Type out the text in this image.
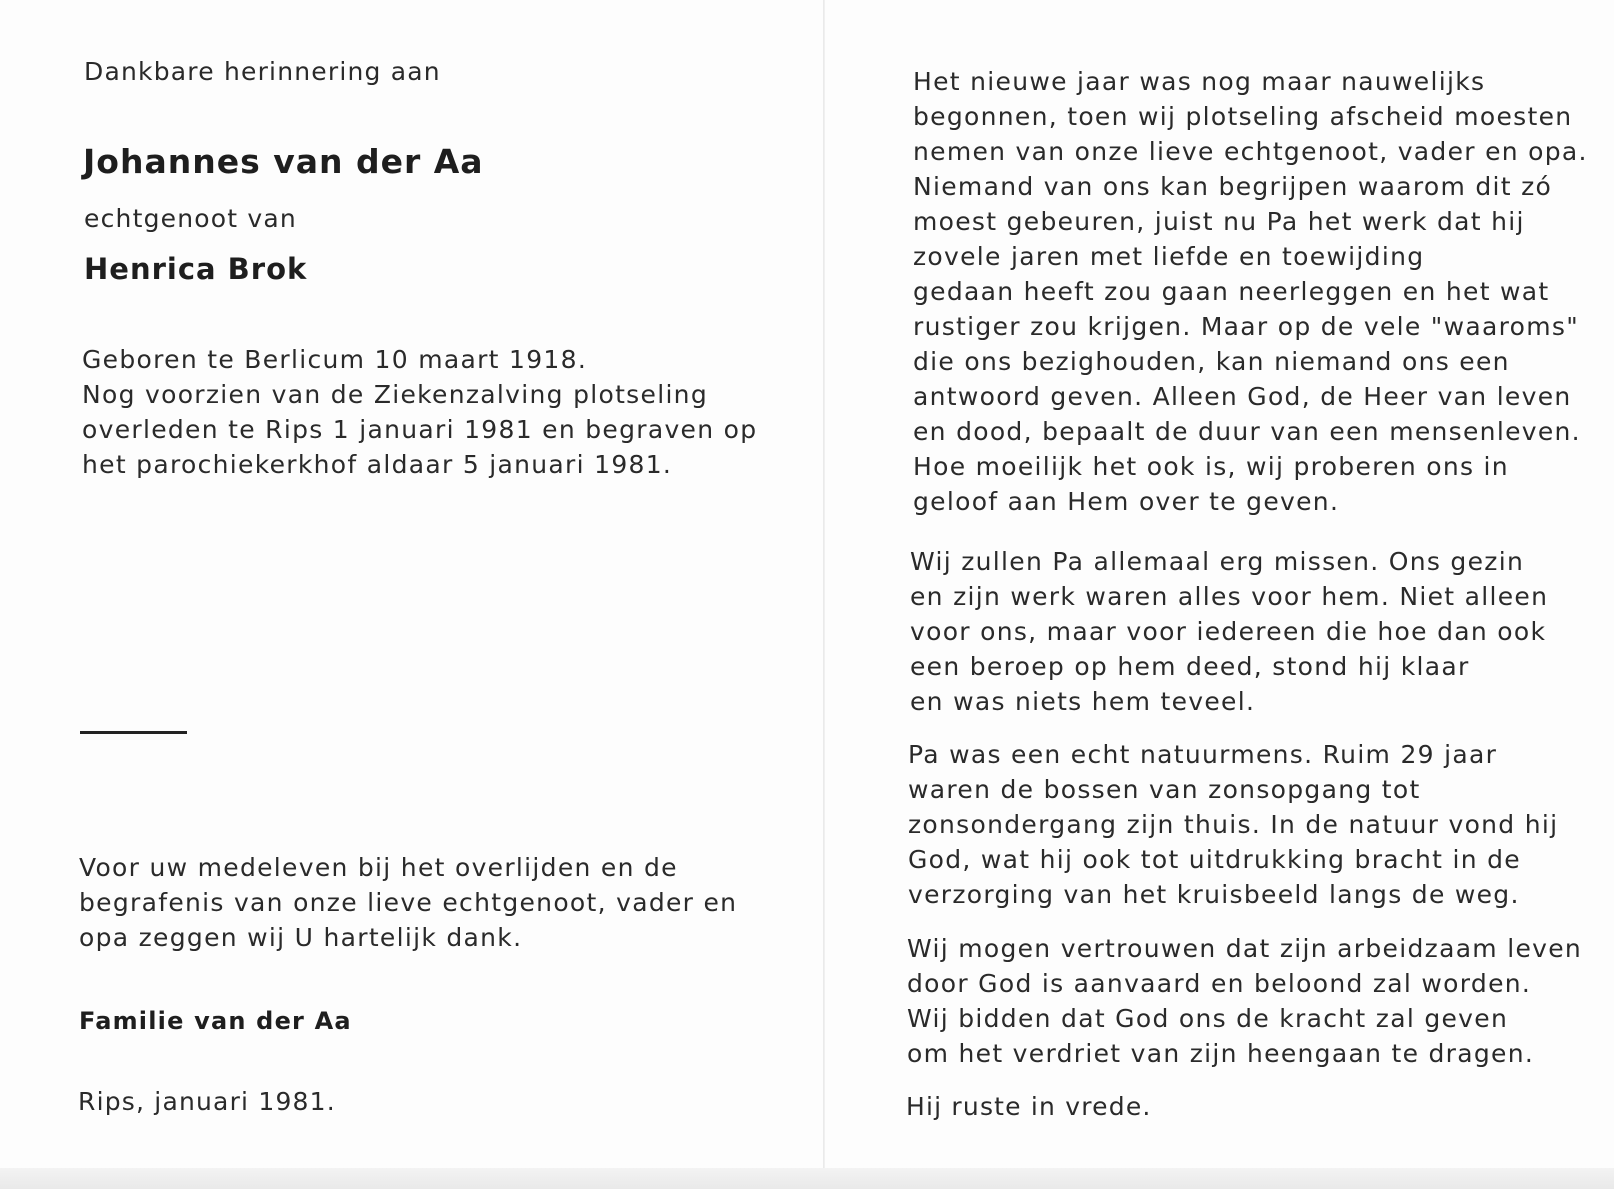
Dankbare herinnering aan
Johannes van der Aa
echtgenoot van
Henrica Brok
Geboren te Berlicum 10 maart 1918.
Nog voorzien van de Ziekenzalving plotseling
overleden te Rips 1 januari 1981 en begraven op
het parochiekerkhof aldaar 5 januari 1981.
Voor uw medeleven bij het overlijden en de
begrafenis van onze lieve echtgenoot, vader en
opa zeggen wij U hartelijk dank.
Familie van der Aa
Rips, januari 1981.
Het nieuwe jaar was nog maar nauwelijks
begonnen, toen wij plotseling afscheid moesten
nemen van onze lieve echtgenoot, vader en opa.
Niemand van ons kan begrijpen waarom dit zó
moest gebeuren, juist nu Pa het werk dat hij
zovele jaren met liefde en toewijding
gedaan heeft zou gaan neerleggen en het wat
rustiger zou krijgen. Maar op de vele "waaroms"
die ons bezighouden, kan niemand ons een
antwoord geven. Alleen God, de Heer van leven
en dood, bepaalt de duur van een mensenleven.
Hoe moeilijk het ook is, wij proberen ons in
geloof aan Hem over te geven.
Wij zullen Pa allemaal erg missen. Ons gezin
en zijn werk waren alles voor hem. Niet alleen
voor ons, maar voor iedereen die hoe dan ook
een beroep op hem deed, stond hij klaar
en was niets hem teveel.
Pa was een echt natuurmens. Ruim 29 jaar
waren de bossen van zonsopgang tot
zonsondergang zijn thuis. In de natuur vond hij
God, wat hij ook tot uitdrukking bracht in de
verzorging van het kruisbeeld langs de weg.
Wij mogen vertrouwen dat zijn arbeidzaam leven
door God is aanvaard en beloond zal worden.
Wij bidden dat God ons de kracht zal geven
om het verdriet van zijn heengaan te dragen.
Hij ruste in vrede.
